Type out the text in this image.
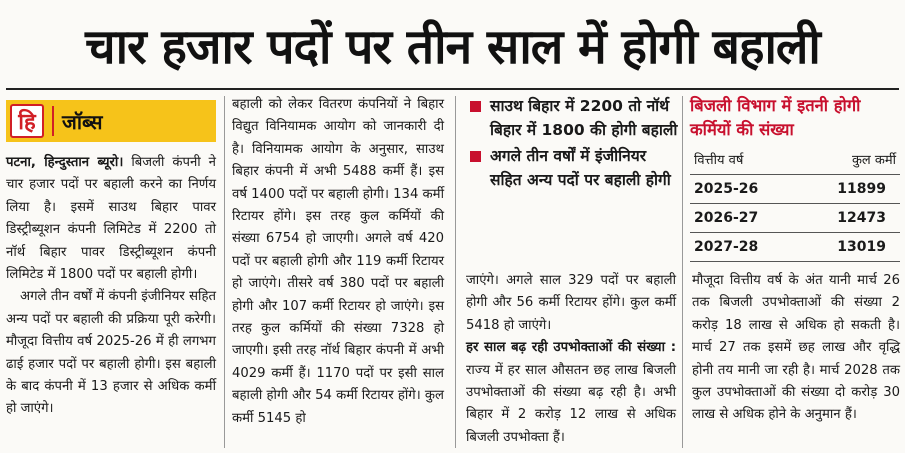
चार हजार पदों पर तीन साल में होगी बहाली
हि जॉब्स

पटना, हिन्दुस्तान ब्यूरो। बिजली कंपनी ने चार हजार पदों पर बहाली करने का निर्णय लिया है। इसमें साउथ बिहार पावर डिस्ट्रीब्यूशन कंपनी लिमिटेड में 2200 तो नॉर्थ बिहार पावर डिस्ट्रीब्यूशन कंपनी लिमिटेड में 1800 पदों पर बहाली होगी।

अगले तीन वर्षों में कंपनी इंजीनियर सहित अन्य पदों पर बहाली की प्रक्रिया पूरी करेगी। मौजूदा वित्तीय वर्ष 2025-26 में ही लगभग ढाई हजार पदों पर बहाली होगी। इस बहाली के बाद कंपनी में 13 हजार से अधिक कर्मी हो जाएंगे।

बहाली को लेकर वितरण कंपनियों ने बिहार विद्युत विनियामक आयोग को जानकारी दी है। विनियामक आयोग के अनुसार, साउथ बिहार कंपनी में अभी 5488 कर्मी हैं। इस वर्ष 1400 पदों पर बहाली होगी। 134 कर्मी रिटायर होंगे। इस तरह कुल कर्मियों की संख्या 6754 हो जाएगी। अगले वर्ष 420 पदों पर बहाली होगी और 119 कर्मी रिटायर हो जाएंगे। तीसरे वर्ष 380 पदों पर बहाली होगी और 107 कर्मी रिटायर हो जाएंगे। इस तरह कुल कर्मियों की संख्या 7328 हो जाएगी। इसी तरह नॉर्थ बिहार कंपनी में अभी 4029 कर्मी हैं। 1170 पदों पर इसी साल बहाली होगी और 54 कर्मी रिटायर होंगे। कुल कर्मी 5145 हो

साउथ बिहार में 2200 तो नॉर्थ बिहार में 1800 की होगी बहाली
अगले तीन वर्षों में इंजीनियर सहित अन्य पदों पर बहाली होगी

जाएंगे। अगले साल 329 पदों पर बहाली होगी और 56 कर्मी रिटायर होंगे। कुल कर्मी 5418 हो जाएंगे।

हर साल बढ़ रही उपभोक्ताओं की संख्या : राज्य में हर साल औसतन छह लाख बिजली उपभोक्ताओं की संख्या बढ़ रही है। अभी बिहार में 2 करोड़ 12 लाख से अधिक बिजली उपभोक्ता हैं।

बिजली विभाग में इतनी होगी कर्मियों की संख्या
वित्तीय वर्ष	कुल कर्मी
2025-26	11899
2026-27	12473
2027-28	13019

मौजूदा वित्तीय वर्ष के अंत यानी मार्च 26 तक बिजली उपभोक्ताओं की संख्या 2 करोड़ 18 लाख से अधिक हो सकती है। मार्च 27 तक इसमें छह लाख और वृद्धि होनी तय मानी जा रही है। मार्च 2028 तक कुल उपभोक्ताओं की संख्या दो करोड़ 30 लाख से अधिक होने के अनुमान हैं।
